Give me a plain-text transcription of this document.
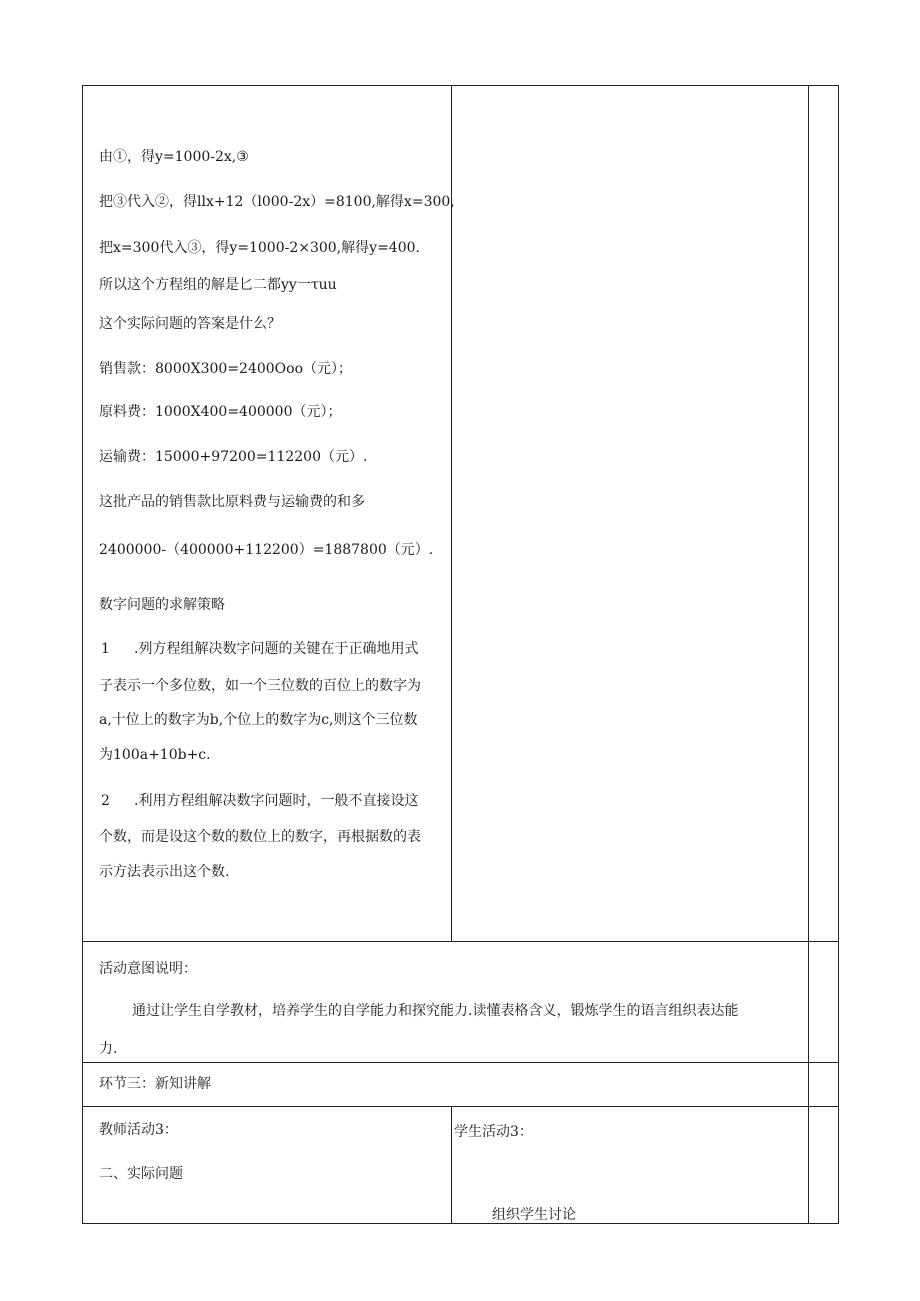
由①，得y=1000-2x,③
把③代入②，得llx+12（l000-2x）=8100,解得x=300,
把x=300代入③，得y=1000-2×300,解得y=400.
所以这个方程组的解是匕二都yy一τuu
这个实际问题的答案是什么？
销售款：8000X300=2400Ooo（元）；
原料费：1000X400=400000（元）；
运输费：15000+97200=112200（元）.
这批产品的销售款比原料费与运输费的和多
2400000-（400000+112200）=1887800（元）.
数字问题的求解策略
1 .列方程组解决数字问题的关键在于正确地用式
子表示一个多位数，如一个三位数的百位上的数字为
a,十位上的数字为b,个位上的数字为c,则这个三位数
为100a+10b+c.
2 .利用方程组解决数字问题时，一般不直接设这
个数，而是设这个数的数位上的数字，再根据数的表
示方法表示出这个数.
活动意图说明：
通过让学生自学教材，培养学生的自学能力和探究能力.读懂表格含义，锻炼学生的语言组织表达能
力.
环节三：新知讲解
教师活动3：
二、实际问题
学生活动3：
组织学生讨论
